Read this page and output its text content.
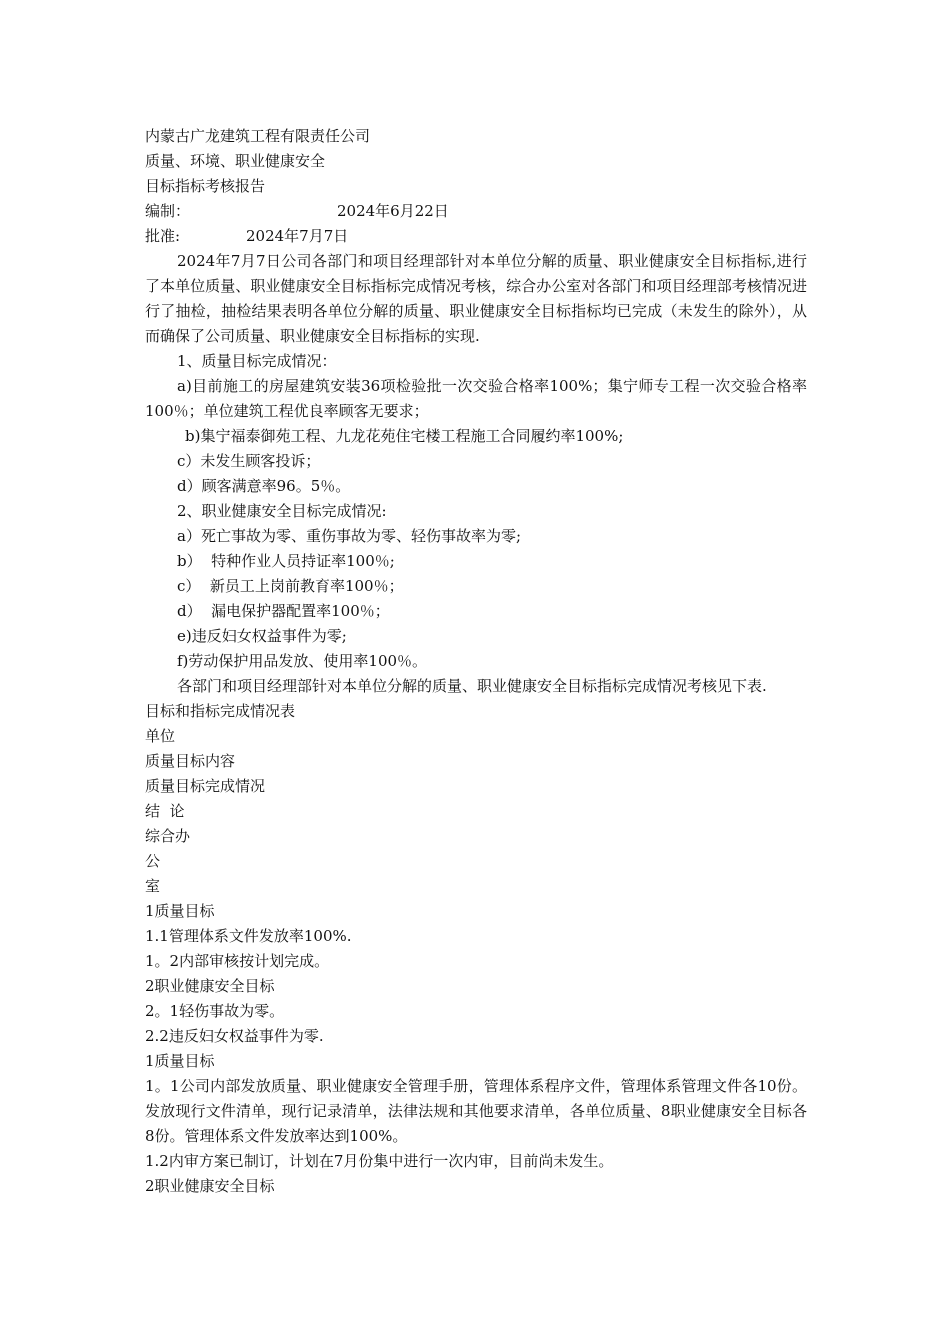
内蒙古广龙建筑工程有限责任公司
质量、环境、职业健康安全
目标指标考核报告
编制：	2024年6月22日
批准:	2024年7月7日
2024年7月7日公司各部门和项目经理部针对本单位分解的质量、职业健康安全目标指标,进行了本单位质量、职业健康安全目标指标完成情况考核，综合办公室对各部门和项目经理部考核情况进行了抽检，抽检结果表明各单位分解的质量、职业健康安全目标指标均已完成（未发生的除外），从而确保了公司质量、职业健康安全目标指标的实现.
1、质量目标完成情况：
a)目前施工的房屋建筑安装36项检验批一次交验合格率100%；集宁师专工程一次交验合格率100％；单位建筑工程优良率顾客无要求；
b)集宁福泰御苑工程、九龙花苑住宅楼工程施工合同履约率100%;
c）未发生顾客投诉；
d）顾客满意率96。5％。
2、职业健康安全目标完成情况:
a）死亡事故为零、重伤事故为零、轻伤事故率为零;
b）  特种作业人员持证率100％;
c）  新员工上岗前教育率100％；
d）  漏电保护器配置率100％；
e)违反妇女权益事件为零;
f)劳动保护用品发放、使用率100％。
各部门和项目经理部针对本单位分解的质量、职业健康安全目标指标完成情况考核见下表.
目标和指标完成情况表
单位
质量目标内容
质量目标完成情况
结  论
综合办
公
室
1质量目标
1.1管理体系文件发放率100%.
1。2内部审核按计划完成。
2职业健康安全目标
2。1轻伤事故为零。
2.2违反妇女权益事件为零.
1质量目标
1。1公司内部发放质量、职业健康安全管理手册，管理体系程序文件，管理体系管理文件各10份。发放现行文件清单，现行记录清单，法律法规和其他要求清单，各单位质量、8职业健康安全目标各8份。管理体系文件发放率达到100%。
1.2内审方案已制订，计划在7月份集中进行一次内审，目前尚未发生。
2职业健康安全目标
